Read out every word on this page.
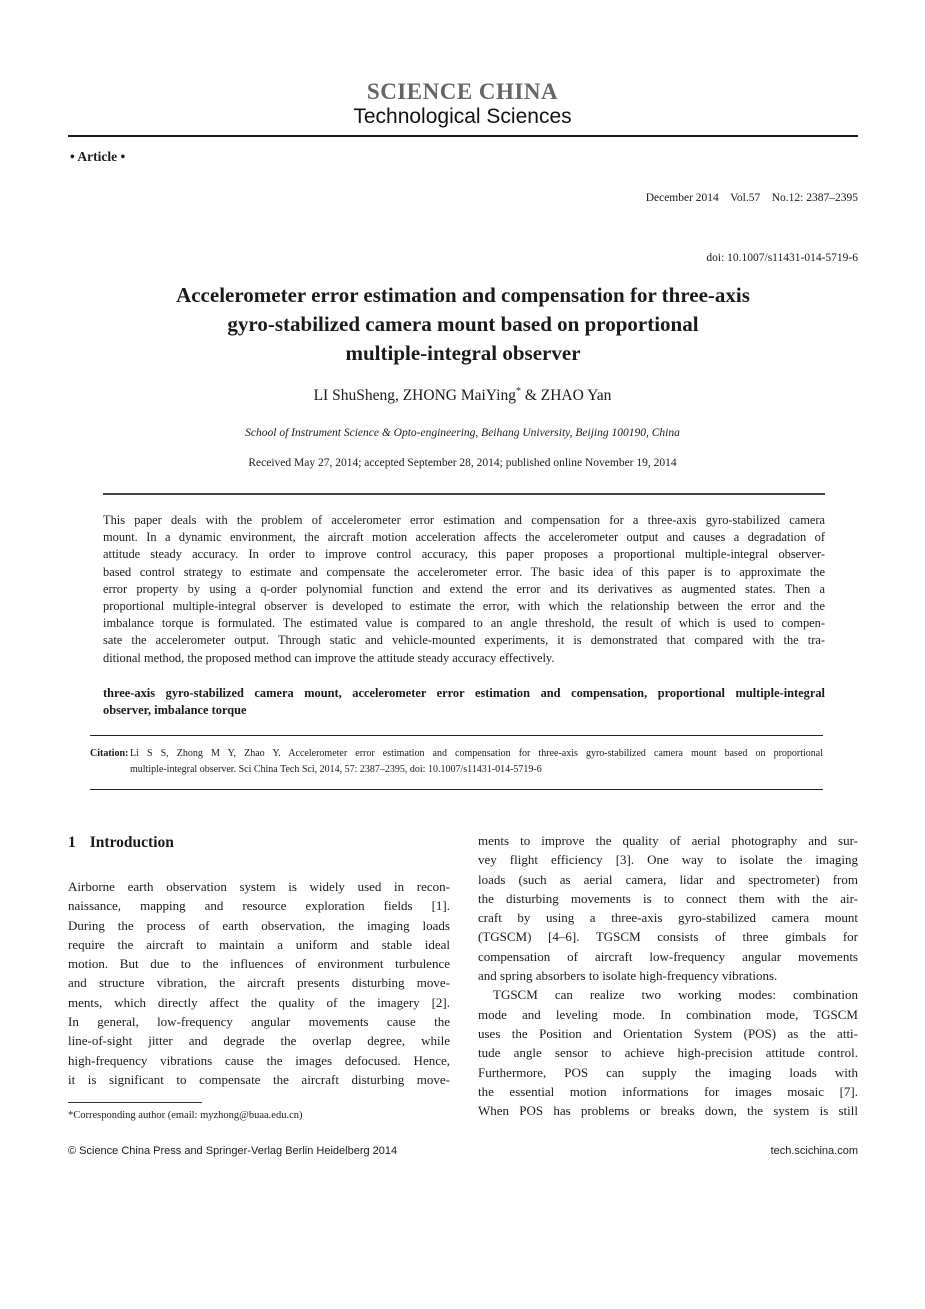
SCIENCE CHINA
Technological Sciences
• Article •

December 2014    Vol.57    No.12: 2387–2395

doi: 10.1007/s11431-014-5719-6

Accelerometer error estimation and compensation for three-axis
gyro-stabilized camera mount based on proportional
multiple-integral observer
LI ShuSheng, ZHONG MaiYing* & ZHAO Yan
School of Instrument Science & Opto-engineering, Beihang University, Beijing 100190, China
Received May 27, 2014; accepted September 28, 2014; published online November 19, 2014
This paper deals with the problem of accelerometer error estimation and compensation for a three-axis gyro-stabilized camera
mount. In a dynamic environment, the aircraft motion acceleration affects the accelerometer output and causes a degradation of
attitude steady accuracy. In order to improve control accuracy, this paper proposes a proportional multiple-integral observer-
based control strategy to estimate and compensate the accelerometer error. The basic idea of this paper is to approximate the
error property by using a q-order polynomial function and extend the error and its derivatives as augmented states. Then a
proportional multiple-integral observer is developed to estimate the error, with which the relationship between the error and the
imbalance torque is formulated. The estimated value is compared to an angle threshold, the result of which is used to compen-
sate the accelerometer output. Through static and vehicle-mounted experiments, it is demonstrated that compared with the tra-
ditional method, the proposed method can improve the attitude steady accuracy effectively.
three-axis gyro-stabilized camera mount, accelerometer error estimation and compensation, proportional multiple-integral
observer, imbalance torque
Citation: Li S S, Zhong M Y, Zhao Y. Accelerometer error estimation and compensation for three-axis gyro-stabilized camera mount based on proportional
multiple-integral observer. Sci China Tech Sci, 2014, 57: 2387–2395, doi: 10.1007/s11431-014-5719-6
1 Introduction
Airborne earth observation system is widely used in recon-
naissance, mapping and resource exploration fields [1].
During the process of earth observation, the imaging loads
require the aircraft to maintain a uniform and stable ideal
motion. But due to the influences of environment turbulence
and structure vibration, the aircraft presents disturbing move-
ments, which directly affect the quality of the imagery [2].
In general, low-frequency angular movements cause the
line-of-sight jitter and degrade the overlap degree, while
high-frequency vibrations cause the images defocused. Hence,
it is significant to compensate the aircraft disturbing move-
ments to improve the quality of aerial photography and sur-
vey flight efficiency [3]. One way to isolate the imaging
loads (such as aerial camera, lidar and spectrometer) from
the disturbing movements is to connect them with the air-
craft by using a three-axis gyro-stabilized camera mount
(TGSCM) [4–6]. TGSCM consists of three gimbals for
compensation of aircraft low-frequency angular movements
and spring absorbers to isolate high-frequency vibrations.
TGSCM can realize two working modes: combination
mode and leveling mode. In combination mode, TGSCM
uses the Position and Orientation System (POS) as the atti-
tude angle sensor to achieve high-precision attitude control.
Furthermore, POS can supply the imaging loads with
the essential motion informations for images mosaic [7].
When POS has problems or breaks down, the system is still
*Corresponding author (email: myzhong@buaa.edu.cn)
© Science China Press and Springer-Verlag Berlin Heidelberg 2014	tech.scichina.com
